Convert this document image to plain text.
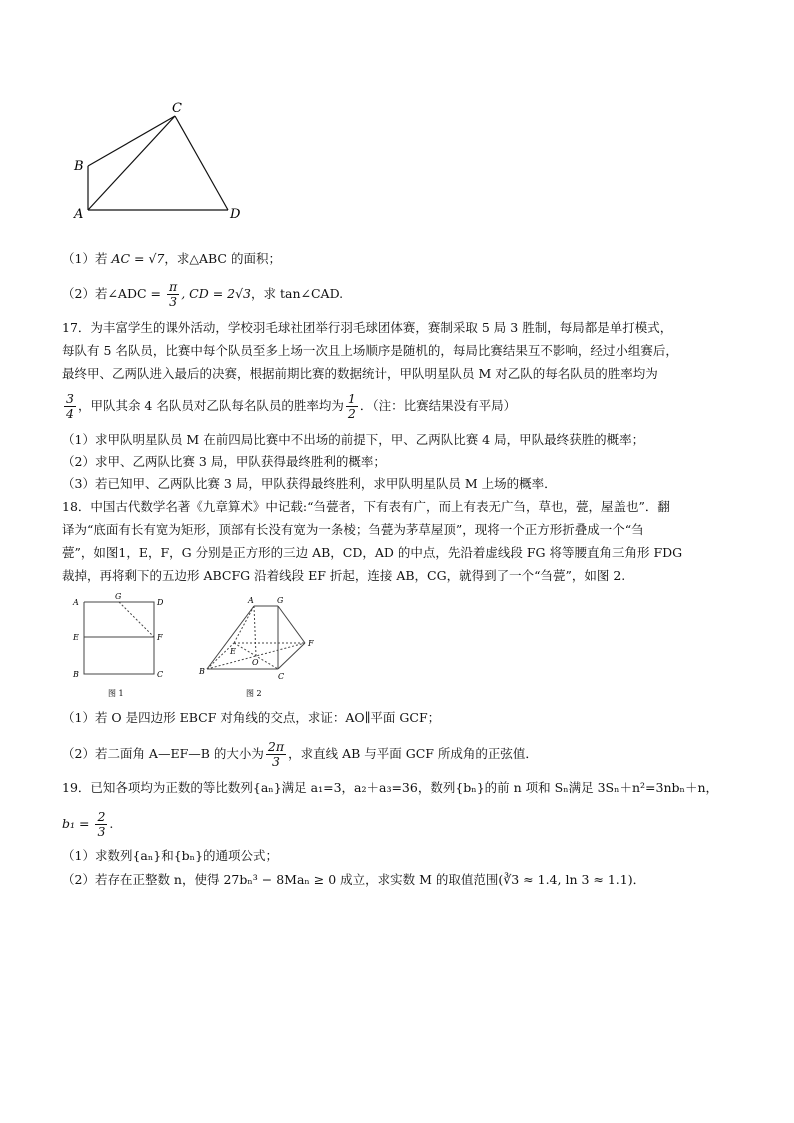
C
B
A	D
（1）若 AC = √7，求△ABC 的面积；
（2）若∠ADC = $\frac{\pi}{3}$ , CD = 2√3，求 tan∠CAD.
17．为丰富学生的课外活动，学校羽毛球社团举行羽毛球团体赛，赛制采取 5 局 3 胜制，每局都是单打模式，
每队有 5 名队员，比赛中每个队员至多上场一次且上场顺序是随机的，每局比赛结果互不影响，经过小组赛后，
最终甲、乙两队进入最后的决赛，根据前期比赛的数据统计，甲队明星队员 M 对乙队的每名队员的胜率均为
$\frac{3}{4}$ ，甲队其余 4 名队员对乙队每名队员的胜率均为 $\frac{1}{2}$ ．（注：比赛结果没有平局）
（1）求甲队明星队员 M 在前四局比赛中不出场的前提下，甲、乙两队比赛 4 局，甲队最终获胜的概率；
（2）求甲、乙两队比赛 3 局，甲队获得最终胜利的概率；
（3）若已知甲、乙两队比赛 3 局，甲队获得最终胜利，求甲队明星队员 M 上场的概率．
18．中国古代数学名著《九章算术》中记载:“刍甍者，下有表有广，而上有表无广刍，草也，甍，屋盖也”．翻
译为“底面有长有宽为矩形，顶部有长没有宽为一条棱；刍甍为茅草屋顶”，现将一个正方形折叠成一个“刍
甍”，如图1，E，F，G 分别是正方形的三边 AB，CD，AD 的中点，先沿着虚线段 FG 将等腰直角三角形 FDG
裁掉，再将剩下的五边形 ABCFG 沿着线段 EF 折起，连接 AB，CG，就得到了一个“刍甍”，如图 2.
A
G
D
E	F
B	C
图 1
A	G
E
O
F
B
C
图 2
（1）若 O 是四边形 EBCF 对角线的交点，求证：AO∥平面 GCF；
（2）若二面角 A—EF—B 的大小为 $\frac{2\pi}{3}$ ，求直线 AB 与平面 GCF 所成角的正弦值．
19．已知各项均为正数的等比数列{aₙ}满足 a₁=3，a₂＋a₃=36，数列{bₙ}的前 n 项和 Sₙ满足 3Sₙ＋n²=3nbₙ＋n，
$b_1 = \frac{2}{3}$ .
（1）求数列{aₙ}和{bₙ}的通项公式；
（2）若存在正整数 n，使得 27bₙ³ − 8Maₙ ≥ 0 成立，求实数 M 的取值范围(∛3 ≈ 1.4, ln 3 ≈ 1.1)．
